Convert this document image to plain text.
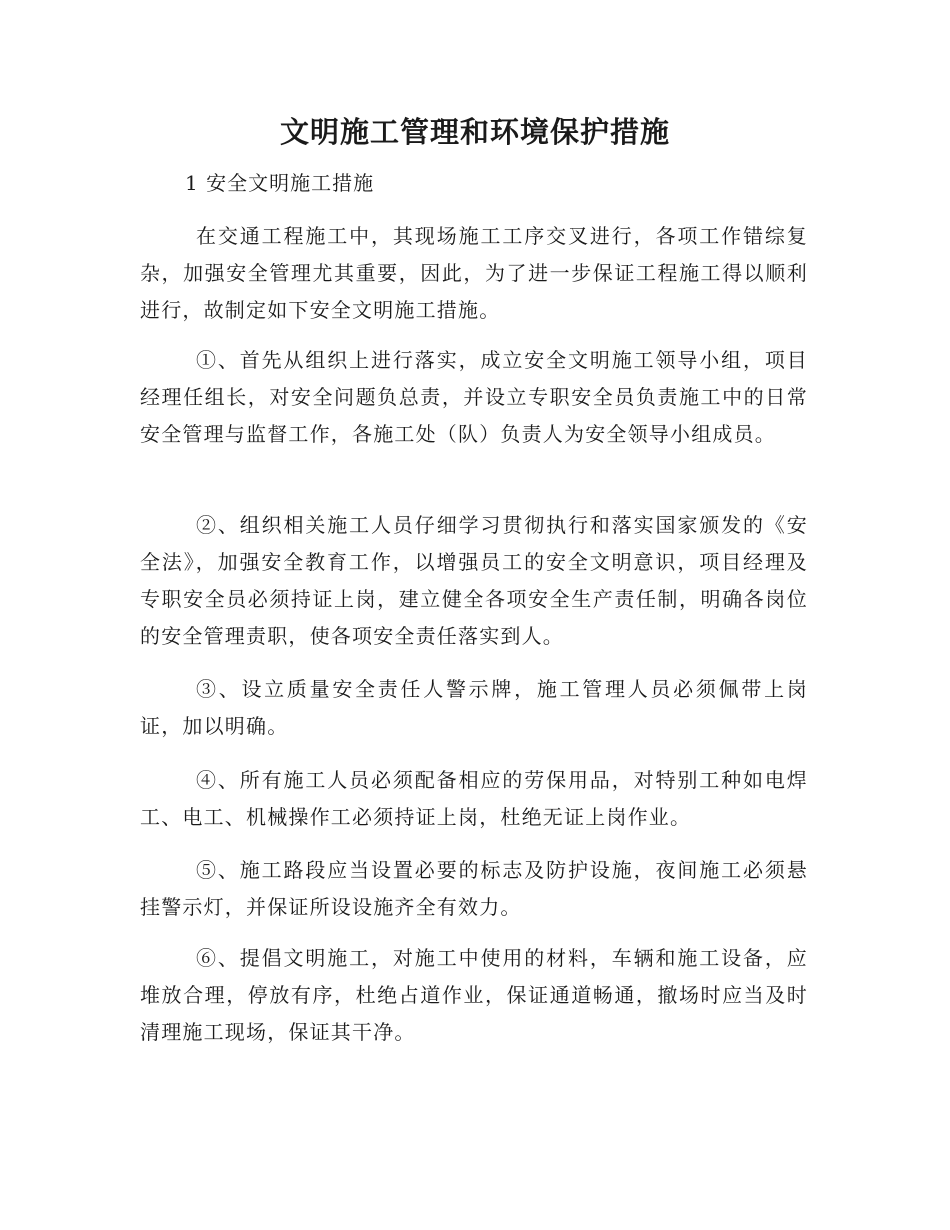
文明施工管理和环境保护措施

1 安全文明施工措施

在交通工程施工中，其现场施工工序交叉进行，各项工作错综复杂，加强安全管理尤其重要，因此，为了进一步保证工程施工得以顺利进行，故制定如下安全文明施工措施。

①、首先从组织上进行落实，成立安全文明施工领导小组，项目经理任组长，对安全问题负总责，并设立专职安全员负责施工中的日常安全管理与监督工作，各施工处（队）负责人为安全领导小组成员。

②、组织相关施工人员仔细学习贯彻执行和落实国家颁发的《安全法》，加强安全教育工作，以增强员工的安全文明意识，项目经理及专职安全员必须持证上岗，建立健全各项安全生产责任制，明确各岗位的安全管理责职，使各项安全责任落实到人。

③、设立质量安全责任人警示牌，施工管理人员必须佩带上岗证，加以明确。

④、所有施工人员必须配备相应的劳保用品，对特别工种如电焊工、电工、机械操作工必须持证上岗，杜绝无证上岗作业。

⑤、施工路段应当设置必要的标志及防护设施，夜间施工必须悬挂警示灯，并保证所设设施齐全有效力。

⑥、提倡文明施工，对施工中使用的材料，车辆和施工设备，应堆放合理，停放有序，杜绝占道作业，保证通道畅通，撤场时应当及时清理施工现场，保证其干净。
